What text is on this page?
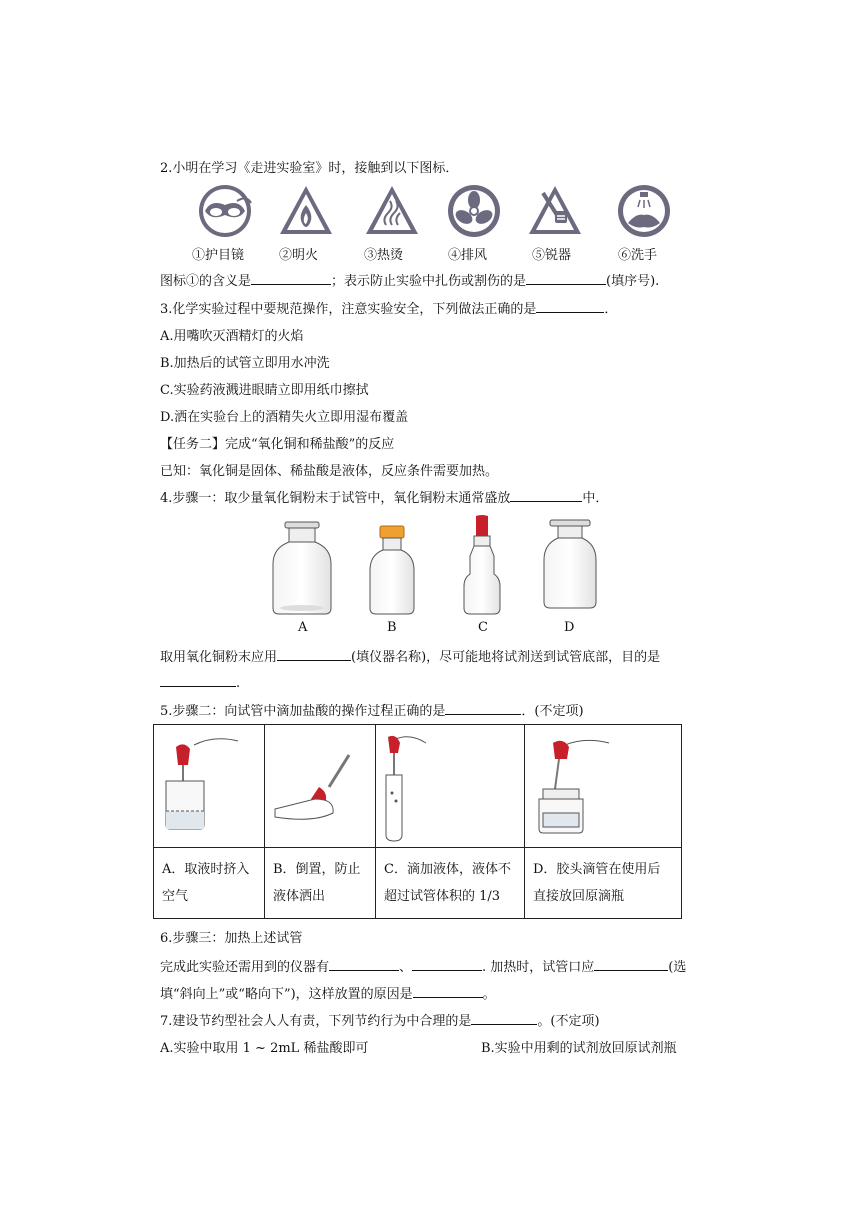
2.小明在学习《走进实验室》时，接触到以下图标．
①护目镜	②明火	③热烫	④排风	⑤锐器	⑥洗手
图标①的含义是	；表示防止实验中扎伤或割伤的是	(填序号).
3.化学实验过程中要规范操作，注意实验安全，下列做法正确的是	．
A.用嘴吹灭酒精灯的火焰
B.加热后的试管立即用水冲洗
C.实验药液溅进眼睛立即用纸巾擦拭
D.洒在实验台上的酒精失火立即用湿布覆盖
【任务二】完成“氧化铜和稀盐酸”的反应
已知：氧化铜是固体、稀盐酸是液体，反应条件需要加热。
4.步骤一：取少量氧化铜粉末于试管中，氧化铜粉末通常盛放	中．
A	B	C	D
取用氧化铜粉末应用	(填仪器名称)，尽可能地将试剂送到试管底部，目的是
.
5.步骤二：向试管中滴加盐酸的操作过程正确的是	．(不定项)
A．取液时挤入空气

B．倒置，防止液体洒出

C．滴加液体，液体不超过试管体积的 1/3

D．胶头滴管在使用后直接放回原滴瓶
6.步骤三：加热上述试管
完成此实验还需用到的仪器有	、	. 加热时，试管口应	(选
填“斜向上”或“略向下”)，这样放置的原因是	。
7.建设节约型社会人人有责，下列节约行为中合理的是	。(不定项)
A.实验中取用 1 ~ 2mL 稀盐酸即可	B.实验中用剩的试剂放回原试剂瓶
